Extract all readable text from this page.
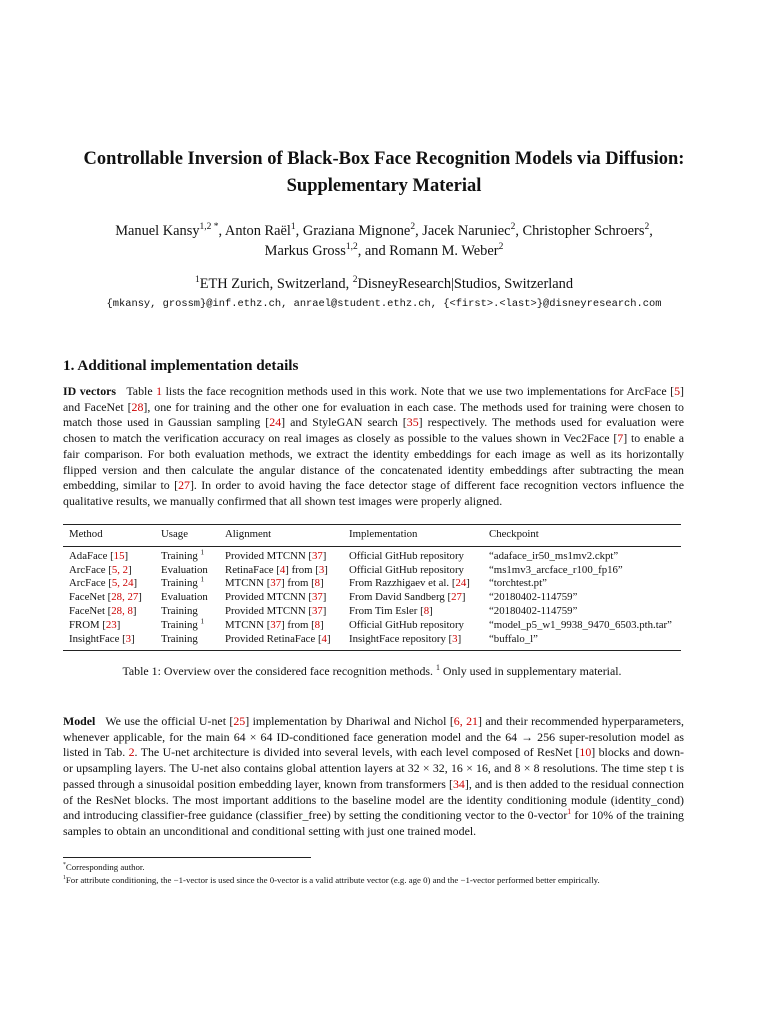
Controllable Inversion of Black-Box Face Recognition Models via Diffusion:
Supplementary Material
Manuel Kansy$^{1,2 *}$, Anton Raël$^1$, Graziana Mignone$^2$, Jacek Naruniec$^2$, Christopher Schroers$^2$,
Markus Gross$^{1,2}$, and Romann M. Weber$^2$
$^1$ETH Zurich, Switzerland, $^2$DisneyResearch|Studios, Switzerland
{mkansy, grossm}@inf.ethz.ch, anrael@student.ethz.ch, {<first>.<last>}@disneyresearch.com
1. Additional implementation details
ID vectors Table 1 lists the face recognition methods used in this work. Note that we use two implementations for ArcFace [5] and FaceNet [28], one for training and the other one for evaluation in each case. The methods used for training were chosen to match those used in Gaussian sampling [24] and StyleGAN search [35] respectively. The methods used for evaluation were chosen to match the verification accuracy on real images as closely as possible to the values shown in Vec2Face [7] to enable a fair comparison. For both evaluation methods, we extract the identity embeddings for each image as well as its horizontally flipped version and then calculate the angular distance of the concatenated identity embeddings after subtracting the mean embedding, similar to [27]. In order to avoid having the face detector stage of different face recognition vectors influence the qualitative results, we manually confirmed that all shown test images were properly aligned.
Method	Usage	Alignment	Implementation	Checkpoint
AdaFace [15]	Training $^1$	Provided MTCNN [37]	Official GitHub repository	“adaface_ir50_ms1mv2.ckpt”
ArcFace [5, 2]	Evaluation	RetinaFace [4] from [3]	Official GitHub repository	“ms1mv3_arcface_r100_fp16”
ArcFace [5, 24]	Training $^1$	MTCNN [37] from [8]	From Razzhigaev et al. [24]	“torchtest.pt”
FaceNet [28, 27]	Evaluation	Provided MTCNN [37]	From David Sandberg [27]	“20180402-114759”
FaceNet [28, 8]	Training	Provided MTCNN [37]	From Tim Esler [8]	“20180402-114759”
FROM [23]	Training $^1$	MTCNN [37] from [8]	Official GitHub repository	“model_p5_w1_9938_9470_6503.pth.tar”
InsightFace [3]	Training	Provided RetinaFace [4]	InsightFace repository [3]	“buffalo_l”
Table 1: Overview over the considered face recognition methods. $^1$ Only used in supplementary material.
Model We use the official U-net [25] implementation by Dhariwal and Nichol [6, 21] and their recommended hyperparameters, whenever applicable, for the main 64 × 64 ID-conditioned face generation model and the 64 → 256 super-resolution model as listed in Tab. 2. The U-net architecture is divided into several levels, with each level composed of ResNet [10] blocks and down- or upsampling layers. The U-net also contains global attention layers at 32 × 32, 16 × 16, and 8 × 8 resolutions. The time step t is passed through a sinusoidal position embedding layer, known from transformers [34], and is then added to the residual connection of the ResNet blocks. The most important additions to the baseline model are the identity conditioning module (identity_cond) and introducing classifier-free guidance (classifier_free) by setting the conditioning vector to the 0-vector$^1$ for 10% of the training samples to obtain an unconditional and conditional setting with just one trained model.
*Corresponding author.
$^1$For attribute conditioning, the −1-vector is used since the 0-vector is a valid attribute vector (e.g. age 0) and the −1-vector performed better empirically.
